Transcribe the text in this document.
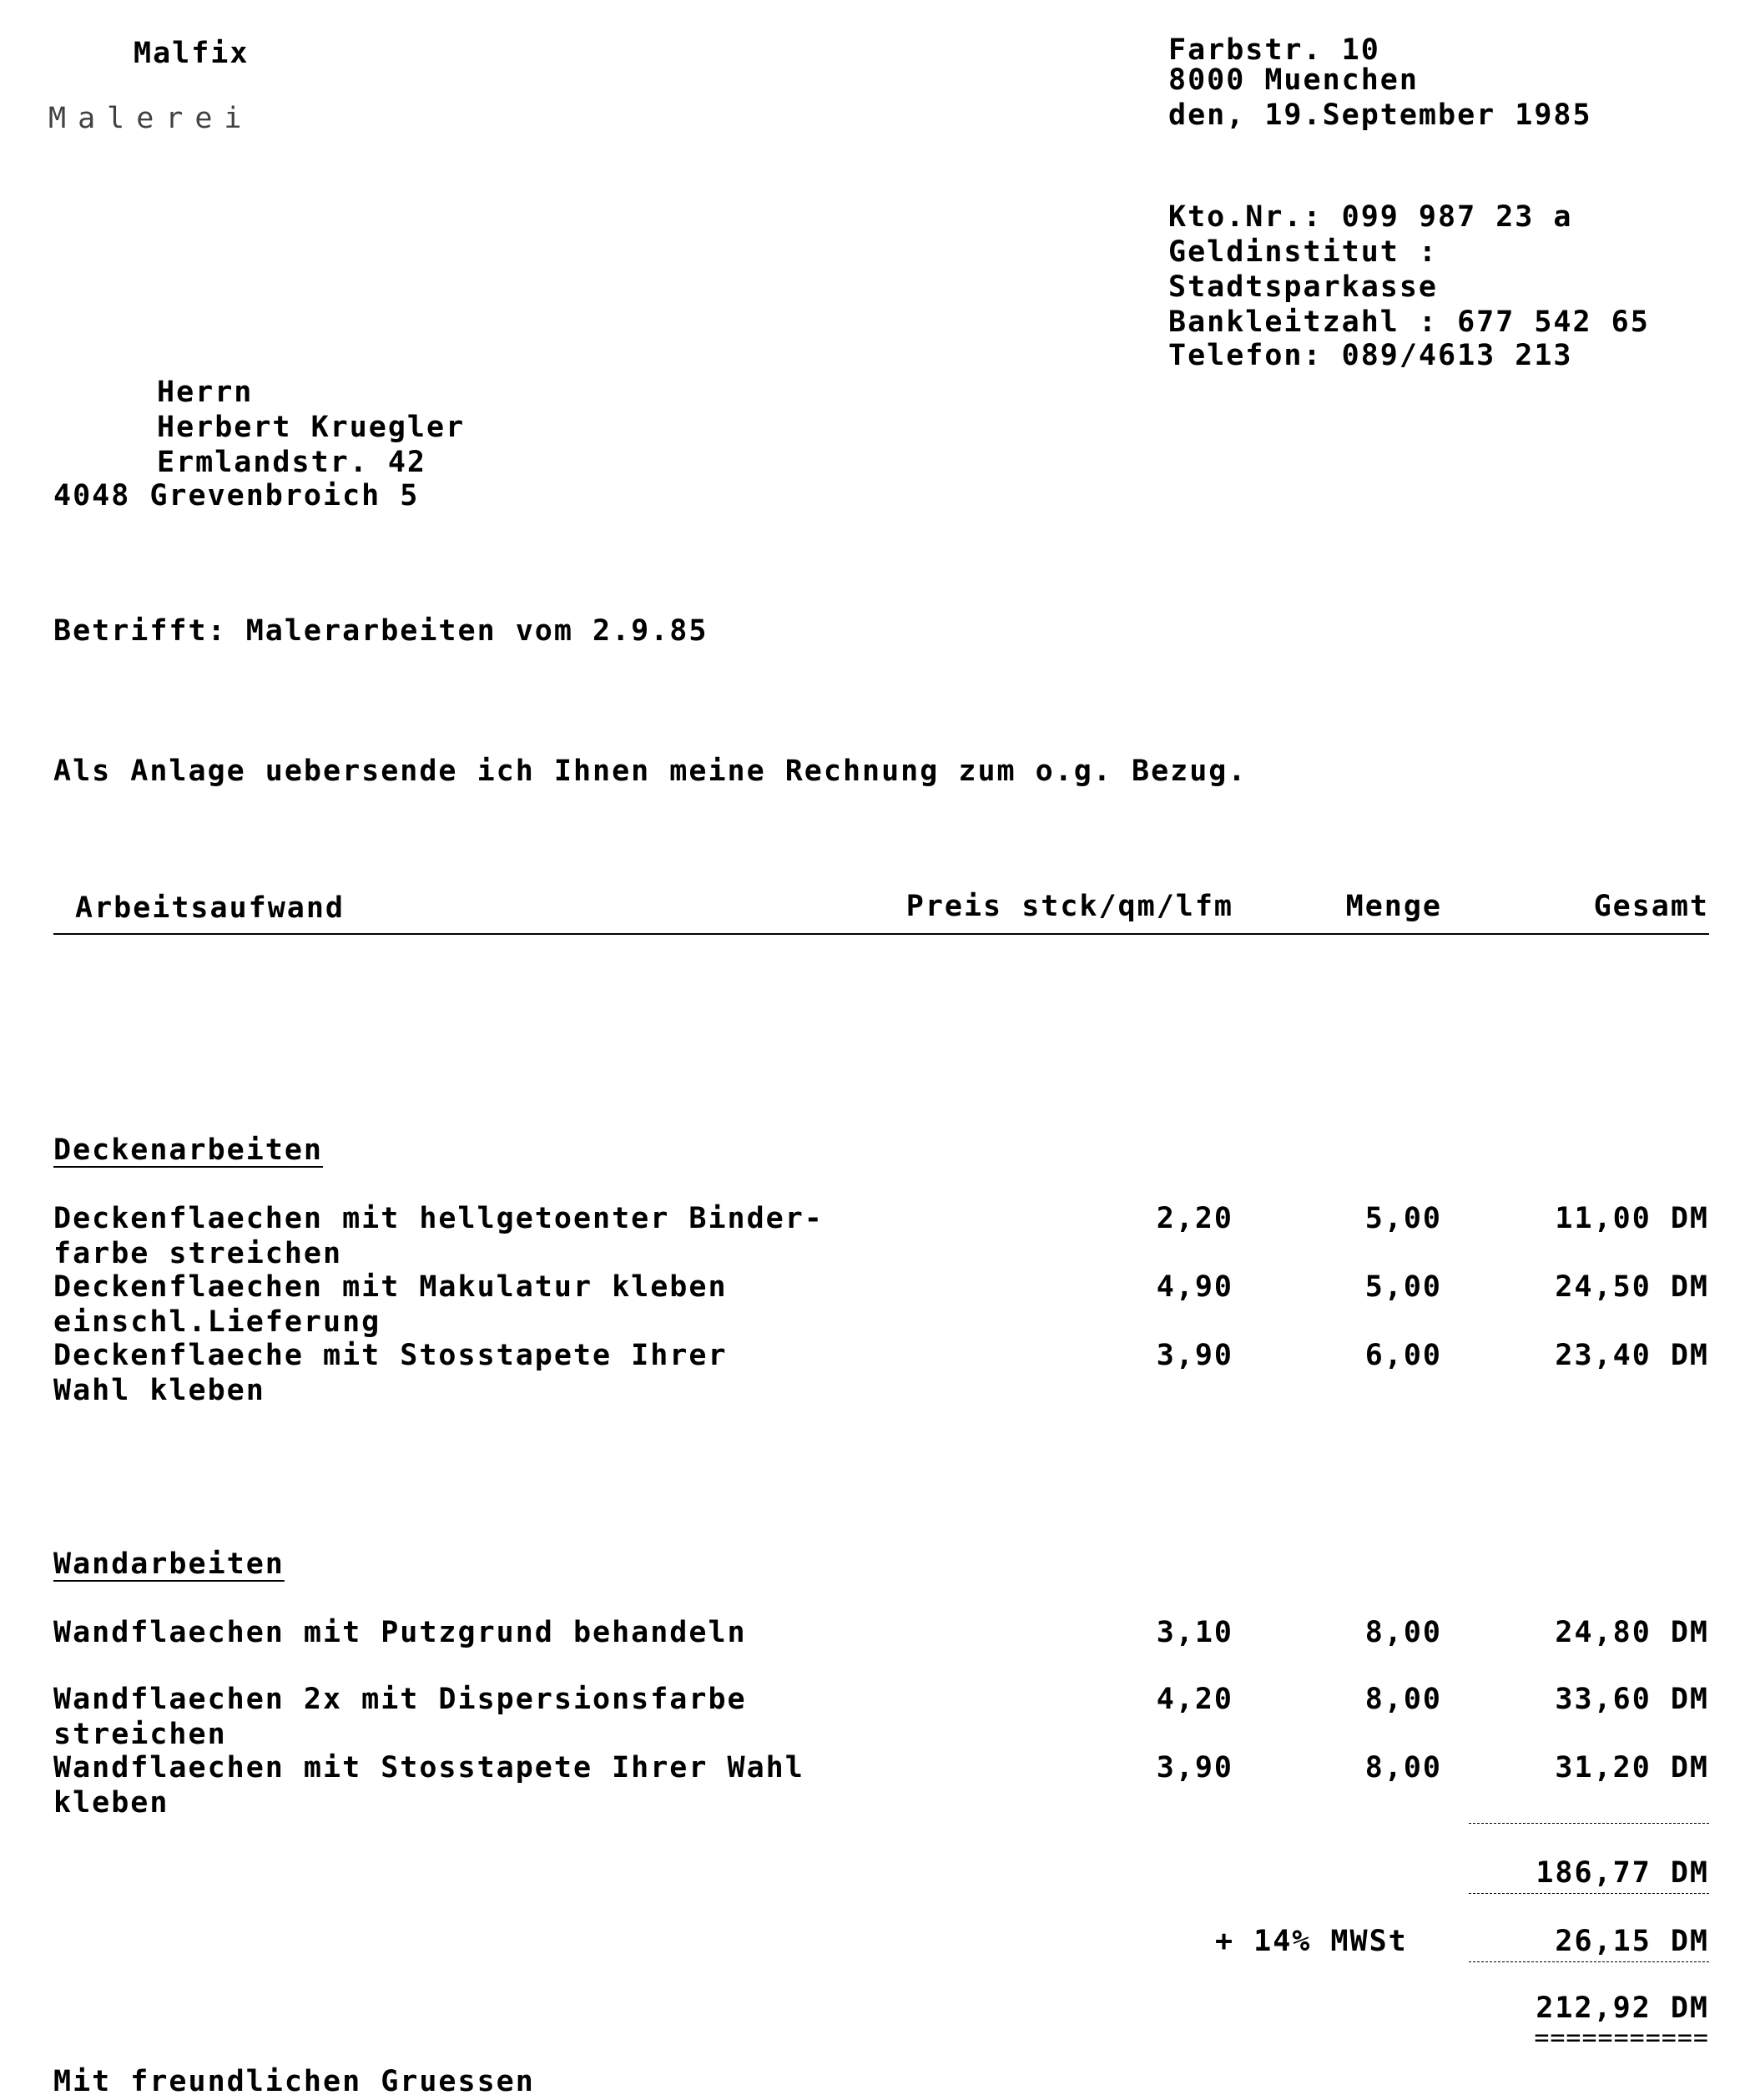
Malfix
Malerei
Farbstr. 10
8000 Muenchen
den, 19.September 1985
Kto.Nr.: 099 987 23 a
Geldinstitut :
Stadtsparkasse
Bankleitzahl : 677 542 65
Telefon: 089/4613 213
Herrn
Herbert Kruegler
Ermlandstr. 42
4048 Grevenbroich 5
Betrifft: Malerarbeiten vom 2.9.85
Als Anlage uebersende ich Ihnen meine Rechnung zum o.g. Bezug.
Arbeitsaufwand	Preis stck/qm/lfm	Menge	Gesamt
Deckenarbeiten
Deckenflaechen mit hellgetoenter Binder-
farbe streichen
2,20	5,00	11,00 DM
Deckenflaechen mit Makulatur kleben
einschl.Lieferung
4,90	5,00	24,50 DM
Deckenflaeche mit Stosstapete Ihrer
Wahl kleben
3,90	6,00	23,40 DM
Wandarbeiten
Wandflaechen mit Putzgrund behandeln	3,10	8,00	24,80 DM
Wandflaechen 2x mit Dispersionsfarbe
streichen
4,20	8,00	33,60 DM
Wandflaechen mit Stosstapete Ihrer Wahl
kleben
3,90	8,00	31,20 DM
186,77 DM
+ 14% MWSt	26,15 DM
212,92 DM
===========
Mit freundlichen Gruessen
